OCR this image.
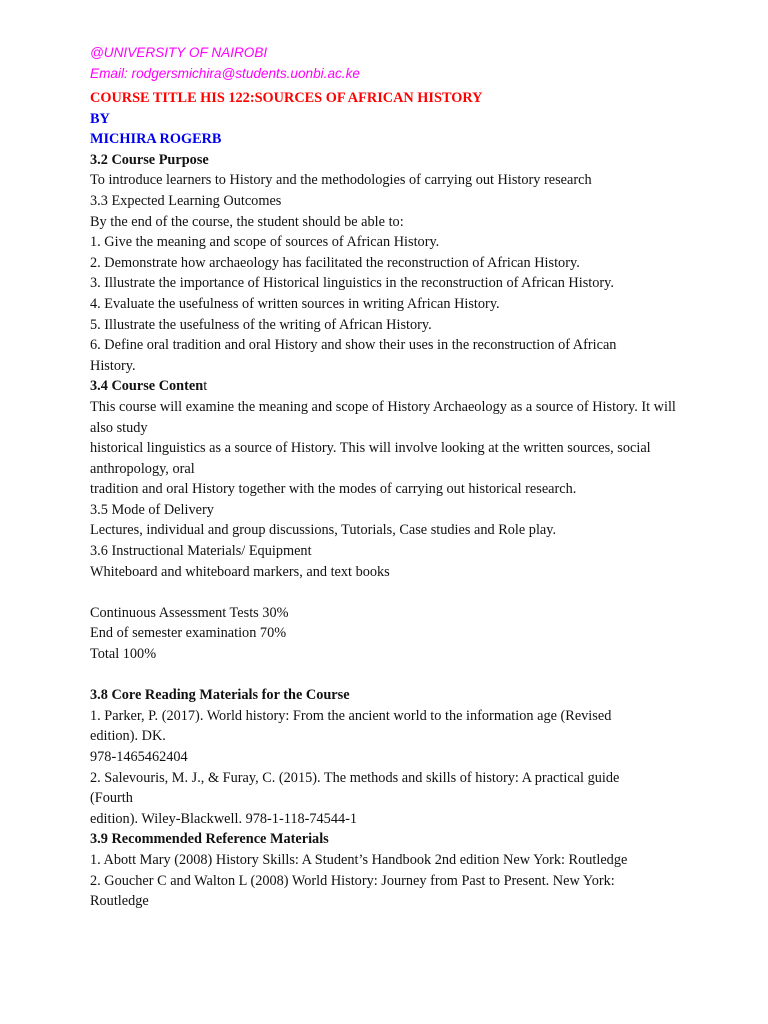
@UNIVERSITY OF NAIROBI
Email: rodgersmichira@students.uonbi.ac.ke
COURSE TITLE HIS 122:SOURCES OF AFRICAN HISTORY
BY
MICHIRA ROGERB
3.2 Course Purpose
To introduce learners to History and the methodologies of carrying out History research
3.3 Expected Learning Outcomes
By the end of the course, the student should be able to:
1. Give the meaning and scope of sources of African History.
2. Demonstrate how archaeology has facilitated the reconstruction of African History.
3. Illustrate the importance of Historical linguistics in the reconstruction of African History.
4. Evaluate the usefulness of written sources in writing African History.
5. Illustrate the usefulness of the writing of African History.
6. Define oral tradition and oral History and show their uses in the reconstruction of African History.
3.4 Course Content
This course will examine the meaning and scope of History Archaeology as a source of History. It will also study
historical linguistics as a source of History. This will involve looking at the written sources, social anthropology, oral
tradition and oral History together with the modes of carrying out historical research.
3.5 Mode of Delivery
Lectures, individual and group discussions, Tutorials, Case studies and Role play.
3.6 Instructional Materials/ Equipment
Whiteboard and whiteboard markers, and text books
Continuous Assessment Tests 30%
End of semester examination 70%
Total 100%
3.8 Core Reading Materials for the Course
1. Parker, P. (2017). World history: From the ancient world to the information age (Revised edition). DK.
978-1465462404
2. Salevouris, M. J., & Furay, C. (2015). The methods and skills of history: A practical guide (Fourth
edition). Wiley-Blackwell. 978-1-118-74544-1
3.9 Recommended Reference Materials
1. Abott Mary (2008) History Skills: A Student’s Handbook 2nd edition New York: Routledge
2. Goucher C and Walton L (2008) World History: Journey from Past to Present. New York: Routledge
